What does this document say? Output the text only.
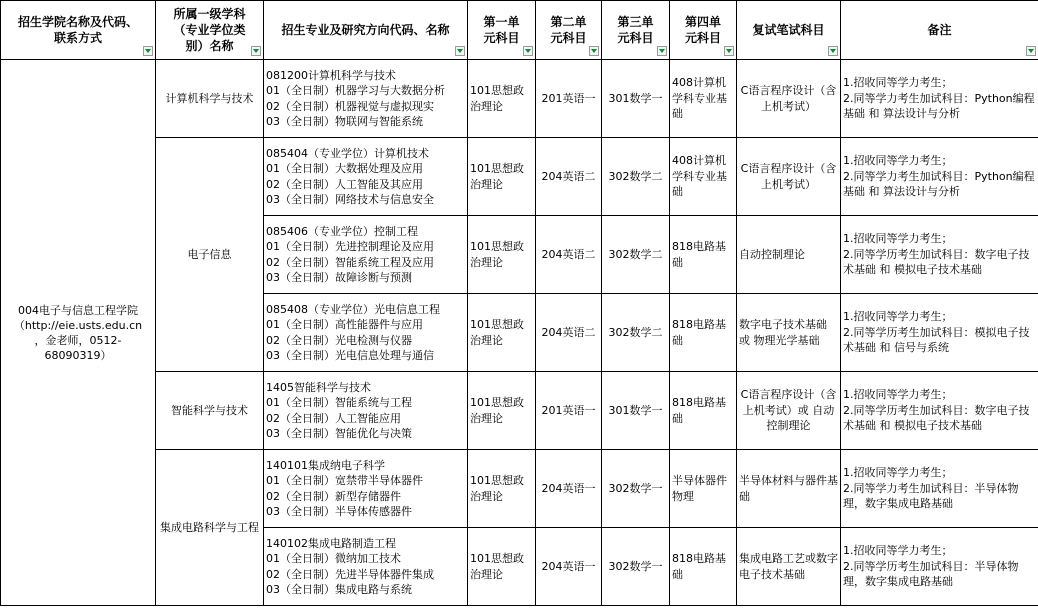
招生学院名称及代码、联系方式	所属一级学科（专业学位类别）名称	招生专业及研究方向代码、名称	第一单元科目	第二单元科目	第三单元科目	第四单元科目	复试笔试科目	备注

004电子与信息工程学院
（http://eie.usts.edu.cn
，金老师，0512-
68090319）	计算机科学与技术	081200计算机科学与技术
01（全日制）机器学习与大数据分析
02（全日制）机器视觉与虚拟现实
03（全日制）物联网与智能系统	101思想政治理论	201英语一	301数学一	408计算机学科专业基础	C语言程序设计（含上机考试）	1.招收同等学力考生；
2.同等学力考生加试科目：Python编程基础 和 算法设计与分析

	电子信息	085404（专业学位）计算机技术
01（全日制）大数据处理及应用
02（全日制）人工智能及其应用
03（全日制）网络技术与信息安全	101思想政治理论	204英语二	302数学二	408计算机学科专业基础	C语言程序设计（含上机考试）	1.招收同等学力考生；
2.同等学力考生加试科目：Python编程基础 和 算法设计与分析

		085406（专业学位）控制工程
01（全日制）先进控制理论及应用
02（全日制）智能系统工程及应用
03（全日制）故障诊断与预测	101思想政治理论	204英语二	302数学二	818电路基础	自动控制理论	1.招收同等学力考生；
2.同等学历考生加试科目：数字电子技术基础 和 模拟电子技术基础

		085408（专业学位）光电信息工程
01（全日制）高性能器件与应用
02（全日制）光电检测与仪器
03（全日制）光电信息处理与通信	101思想政治理论	204英语二	302数学二	818电路基础	数字电子技术基础 或 物理光学基础	1.招收同等学力考生；
2.同等学历考生加试科目：模拟电子技术基础 和 信号与系统

	智能科学与技术	1405智能科学与技术
01（全日制）智能系统与工程
02（全日制）人工智能应用
03（全日制）智能优化与决策	101思想政治理论	201英语一	301数学一	818电路基础	C语言程序设计（含上机考试）或 自动控制理论	1.招收同等学力考生；
2.同等学历考生加试科目：数字电子技术基础 和 模拟电子技术基础

	集成电路科学与工程	140101集成纳电子科学
01（全日制）宽禁带半导体器件
02（全日制）新型存储器件
03（全日制）半导体传感器件	101思想政治理论	204英语一	302数学一	半导体器件物理	半导体材料与器件基础	1.招收同等学力考生；
2.同等学力考生加试科目：半导体物理，数字集成电路基础

		140102集成电路制造工程
01（全日制）微纳加工技术
02（全日制）先进半导体器件集成
03（全日制）集成电路与系统	101思想政治理论	204英语一	302数学一	818电路基础	集成电路工艺或数字电子技术基础	1.招收同等学力考生；
2.同等学历考生加试科目：半导体物理，数字集成电路基础
